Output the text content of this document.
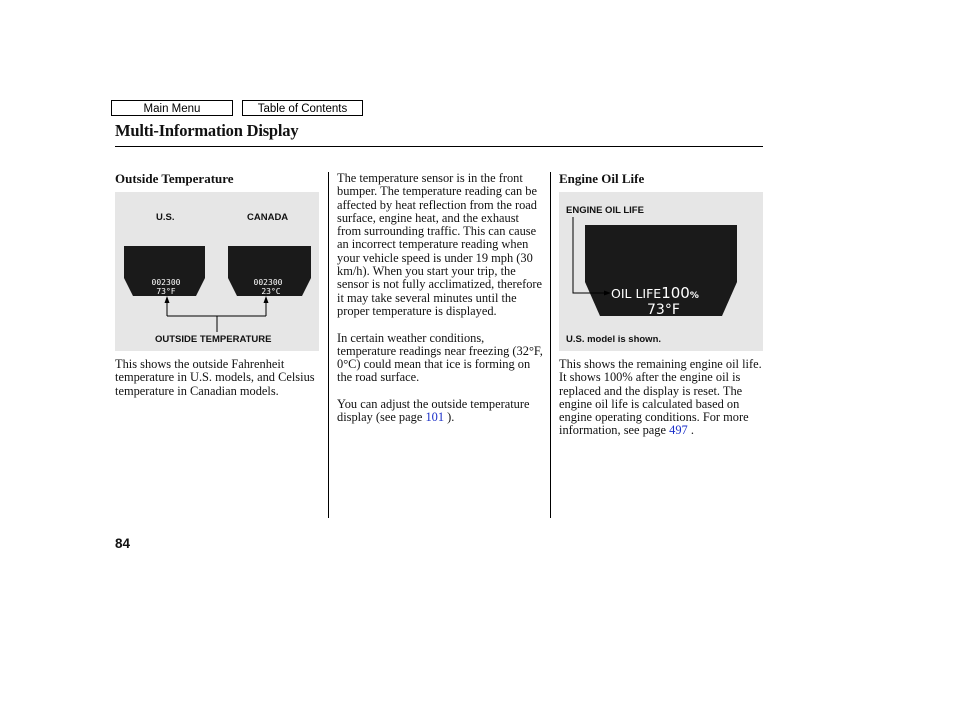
Main Menu	Table of Contents
Multi-Information Display
Outside Temperature
U.S.	CANADA
002300
73°F
002300
23°C
OUTSIDE TEMPERATURE
This shows the outside Fahrenheit temperature in U.S. models, and Celsius temperature in Canadian models.

The temperature sensor is in the front bumper. The temperature reading can be affected by heat reflection from the road surface, engine heat, and the exhaust from surrounding traffic. This can cause an incorrect temperature reading when your vehicle speed is under 19 mph (30 km/h). When you start your trip, the sensor is not fully acclimatized, therefore it may take several minutes until the proper temperature is displayed.

In certain weather conditions, temperature readings near freezing (32°F, 0°C) could mean that ice is forming on the road surface.

You can adjust the outside temperature display (see page 101 ).

Engine Oil Life
ENGINE OIL LIFE
OIL LIFE100%
73°F
U.S. model is shown.
This shows the remaining engine oil life. It shows 100% after the engine oil is replaced and the display is reset. The engine oil life is calculated based on engine operating conditions. For more information, see page 497 .
84
